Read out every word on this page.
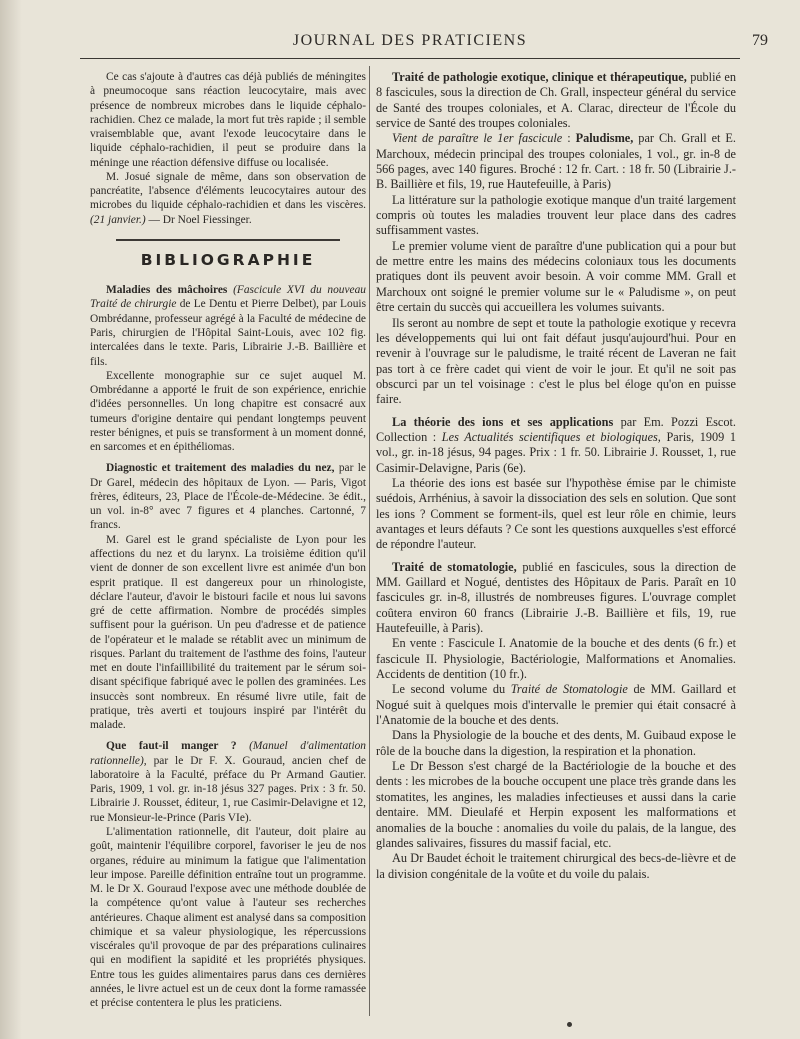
JOURNAL DES PRATICIENS	79

Ce cas s'ajoute à d'autres cas déjà publiés de méningites à pneumocoque sans réaction leucocytaire, mais avec présence de nombreux microbes dans le liquide céphalo-rachidien. Chez ce malade, la mort fut très rapide ; il semble vraisemblable que, avant l'exode leucocytaire dans le liquide céphalo-rachidien, il peut se produire dans la méninge une réaction défensive diffuse ou localisée.

M. Josué signale de même, dans son observation de pancréatite, l'absence d'éléments leucocytaires autour des microbes du liquide céphalo-rachidien et dans les viscères. (21 janvier.) — Dr Noel Fiessinger.

BIBLIOGRAPHIE

Maladies des mâchoires (Fascicule XVI du nouveau Traité de chirurgie de Le Dentu et Pierre Delbet), par Louis Ombrédanne, professeur agrégé à la Faculté de médecine de Paris, chirurgien de l'Hôpital Saint-Louis, avec 102 fig. intercalées dans le texte. Paris, Librairie J.-B. Baillière et fils.

Excellente monographie sur ce sujet auquel M. Ombrédanne a apporté le fruit de son expérience, enrichie d'idées personnelles. Un long chapitre est consacré aux tumeurs d'origine dentaire qui pendant longtemps peuvent rester bénignes, et puis se transforment à un moment donné, en sarcomes et en épithéliomas.

Diagnostic et traitement des maladies du nez, par le Dr Garel, médecin des hôpitaux de Lyon. — Paris, Vigot frères, éditeurs, 23, Place de l'École-de-Médecine. 3e édit., un vol. in-8° avec 7 figures et 4 planches. Cartonné, 7 francs.

M. Garel est le grand spécialiste de Lyon pour les affections du nez et du larynx. La troisième édition qu'il vient de donner de son excellent livre est animée d'un bon esprit pratique. Il est dangereux pour un rhinologiste, déclare l'auteur, d'avoir le bistouri facile et nous lui savons gré de cette affirmation. Nombre de procédés simples suffisent pour la guérison. Un peu d'adresse et de patience de l'opérateur et le malade se rétablit avec un minimum de risques. Parlant du traitement de l'asthme des foins, l'auteur met en doute l'infaillibilité du traitement par le sérum soi-disant spécifique fabriqué avec le pollen des graminées. Les insuccès sont nombreux. En résumé livre utile, fait de pratique, très averti et toujours inspiré par l'intérêt du malade.

Que faut-il manger ? (Manuel d'alimentation rationnelle), par le Dr F. X. Gouraud, ancien chef de laboratoire à la Faculté, préface du Pr Armand Gautier. Paris, 1909, 1 vol. gr. in-18 jésus 327 pages. Prix : 3 fr. 50. Librairie J. Rousset, éditeur, 1, rue Casimir-Delavigne et 12, rue Monsieur-le-Prince (Paris VIe).

L'alimentation rationnelle, dit l'auteur, doit plaire au goût, maintenir l'équilibre corporel, favoriser le jeu de nos organes, réduire au minimum la fatigue que l'alimentation leur impose. Pareille définition entraîne tout un programme. M. le Dr X. Gouraud l'expose avec une méthode doublée de la compétence qu'ont value à l'auteur ses recherches antérieures. Chaque aliment est analysé dans sa composition chimique et sa valeur physiologique, les répercussions viscérales qu'il provoque de par des préparations culinaires qui en modifient la sapidité et les propriétés physiques. Entre tous les guides alimentaires parus dans ces dernières années, le livre actuel est un de ceux dont la forme ramassée et précise contentera le plus les praticiens.

Traité de pathologie exotique, clinique et thérapeutique, publié en 8 fascicules, sous la direction de Ch. Grall, inspecteur général du service de Santé des troupes coloniales, et A. Clarac, directeur de l'École du service de Santé des troupes coloniales.

Vient de paraître le 1er fascicule : Paludisme, par Ch. Grall et E. Marchoux, médecin principal des troupes coloniales, 1 vol., gr. in-8 de 566 pages, avec 140 figures. Broché : 12 fr. Cart. : 18 fr. 50 (Librairie J.-B. Baillière et fils, 19, rue Hautefeuille, à Paris)

La littérature sur la pathologie exotique manque d'un traité largement compris où toutes les maladies trouvent leur place dans des cadres suffisamment vastes.

Le premier volume vient de paraître d'une publication qui a pour but de mettre entre les mains des médecins coloniaux tous les documents pratiques dont ils peuvent avoir besoin. A voir comme MM. Grall et Marchoux ont soigné le premier volume sur le « Paludisme », on peut être certain du succès qui accueillera les volumes suivants.

Ils seront au nombre de sept et toute la pathologie exotique y recevra les développements qui lui ont fait défaut jusqu'aujourd'hui. Pour en revenir à l'ouvrage sur le paludisme, le traité récent de Laveran ne fait pas tort à ce frère cadet qui vient de voir le jour. Et qu'il ne soit pas obscurci par un tel voisinage : c'est le plus bel éloge qu'on en puisse faire.

La théorie des ions et ses applications par Em. Pozzi Escot. Collection : Les Actualités scientifiques et biologiques, Paris, 1909 1 vol., gr. in-18 jésus, 94 pages. Prix : 1 fr. 50. Librairie J. Rousset, 1, rue Casimir-Delavigne, Paris (6e).

La théorie des ions est basée sur l'hypothèse émise par le chimiste suédois, Arrhénius, à savoir la dissociation des sels en solution. Que sont les ions ? Comment se forment-ils, quel est leur rôle en chimie, leurs avantages et leurs défauts ? Ce sont les questions auxquelles s'est efforcé de répondre l'auteur.

Traité de stomatologie, publié en fascicules, sous la direction de MM. Gaillard et Nogué, dentistes des Hôpitaux de Paris. Paraît en 10 fascicules gr. in-8, illustrés de nombreuses figures. L'ouvrage complet coûtera environ 60 francs (Librairie J.-B. Baillière et fils, 19, rue Hautefeuille, à Paris).

En vente : Fascicule I. Anatomie de la bouche et des dents (6 fr.) et fascicule II. Physiologie, Bactériologie, Malformations et Anomalies. Accidents de dentition (10 fr.).

Le second volume du Traité de Stomatologie de MM. Gaillard et Nogué suit à quelques mois d'intervalle le premier qui était consacré à l'Anatomie de la bouche et des dents.

Dans la Physiologie de la bouche et des dents, M. Guibaud expose le rôle de la bouche dans la digestion, la respiration et la phonation.

Le Dr Besson s'est chargé de la Bactériologie de la bouche et des dents : les microbes de la bouche occupent une place très grande dans les stomatites, les angines, les maladies infectieuses et aussi dans la carie dentaire. MM. Dieulafé et Herpin exposent les malformations et anomalies de la bouche : anomalies du voile du palais, de la langue, des glandes salivaires, fissures du massif facial, etc.

Au Dr Baudet échoit le traitement chirurgical des becs-de-lièvre et de la division congénitale de la voûte et du voile du palais.
